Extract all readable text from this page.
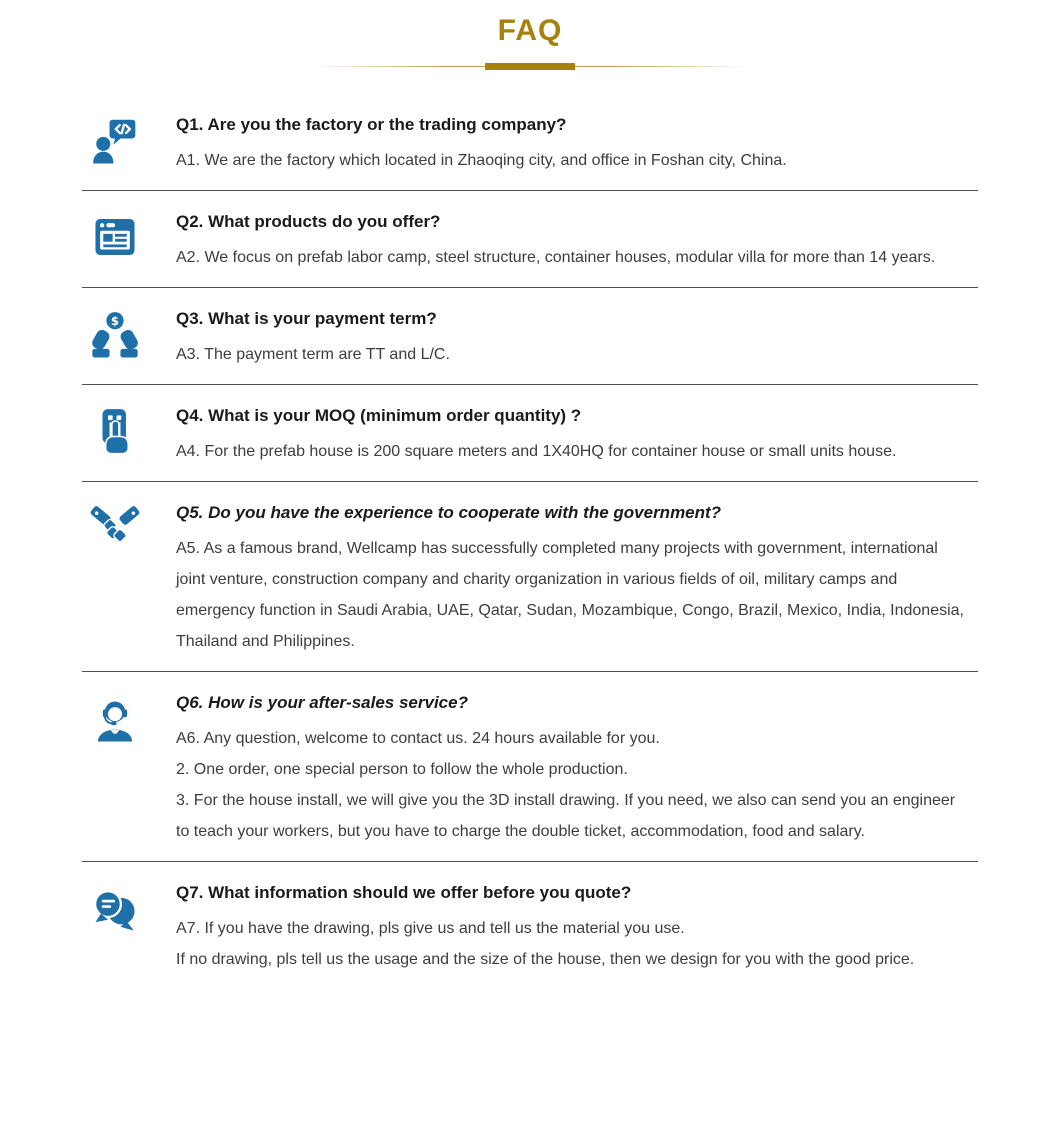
FAQ
Q1. Are you the factory or the trading company?

A1. We are the factory which located in Zhaoqing city, and office in Foshan city, China.

Q2. What products do you offer?

A2. We focus on prefab labor camp, steel structure, container houses, modular villa for more than 14 years.

$	Q3. What is your payment term?

A3. The payment term are TT and L/C.

Q4. What is your MOQ (minimum order quantity) ?

A4. For the prefab house is 200 square meters and 1X40HQ for container house or small units house.

Q5. Do you have the experience to cooperate with the government?

A5. As a famous brand, Wellcamp has successfully completed many projects with government, international joint venture, construction company and charity organization in various fields of oil, military camps and emergency function in Saudi Arabia, UAE, Qatar, Sudan, Mozambique, Congo, Brazil, Mexico, India, Indonesia, Thailand and Philippines.

Q6. How is your after-sales service?

A6. Any question, welcome to contact us. 24 hours available for you.

2. One order, one special person to follow the whole production.

3. For the house install, we will give you the 3D install drawing. If you need, we also can send you an engineer to teach your workers, but you have to charge the double ticket, accommodation, food and salary.

Q7. What information should we offer before you quote?

A7. If you have the drawing, pls give us and tell us the material you use.

If no drawing, pls tell us the usage and the size of the house, then we design for you with the good price.
